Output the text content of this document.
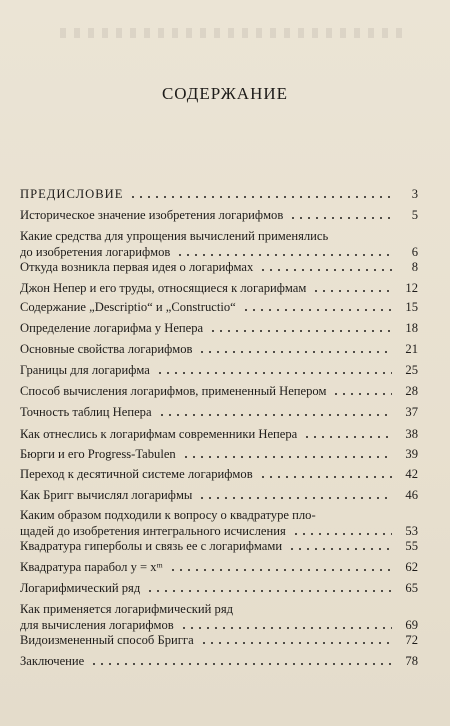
СОДЕРЖАНИЕ
ПРЕДИСЛОВИЕ	3
Историческое значение изобретения логарифмов	5
Какие средства для упрощения вычислений применялись
до изобретения логарифмов	6
Откуда возникла первая идея о логарифмах	8
Джон Непер и его труды, относящиеся к логарифмам	12
Содержание „Descriptio“ и „Constructio“	15
Определение логарифма у Непера	18
Основные свойства логарифмов	21
Границы для логарифма	25
Способ вычисления логарифмов, примененный Непером	28
Точность таблиц Непера	37
Как отнеслись к логарифмам современники Непера	38
Бюрги и его Progress-Tabulen	39
Переход к десятичной системе логарифмов	42
Как Бригг вычислял логарифмы	46
Каким образом подходили к вопросу о квадратуре пло-
щадей до изобретения интегрального исчисления	53
Квадратура гиперболы и связь ее с логарифмами	55
Квадратура парабол y = xᵐ	62
Логарифмический ряд	65
Как применяется логарифмический ряд
для вычисления логарифмов	69
Видоизмененный способ Бригга	72
Заключение	78
